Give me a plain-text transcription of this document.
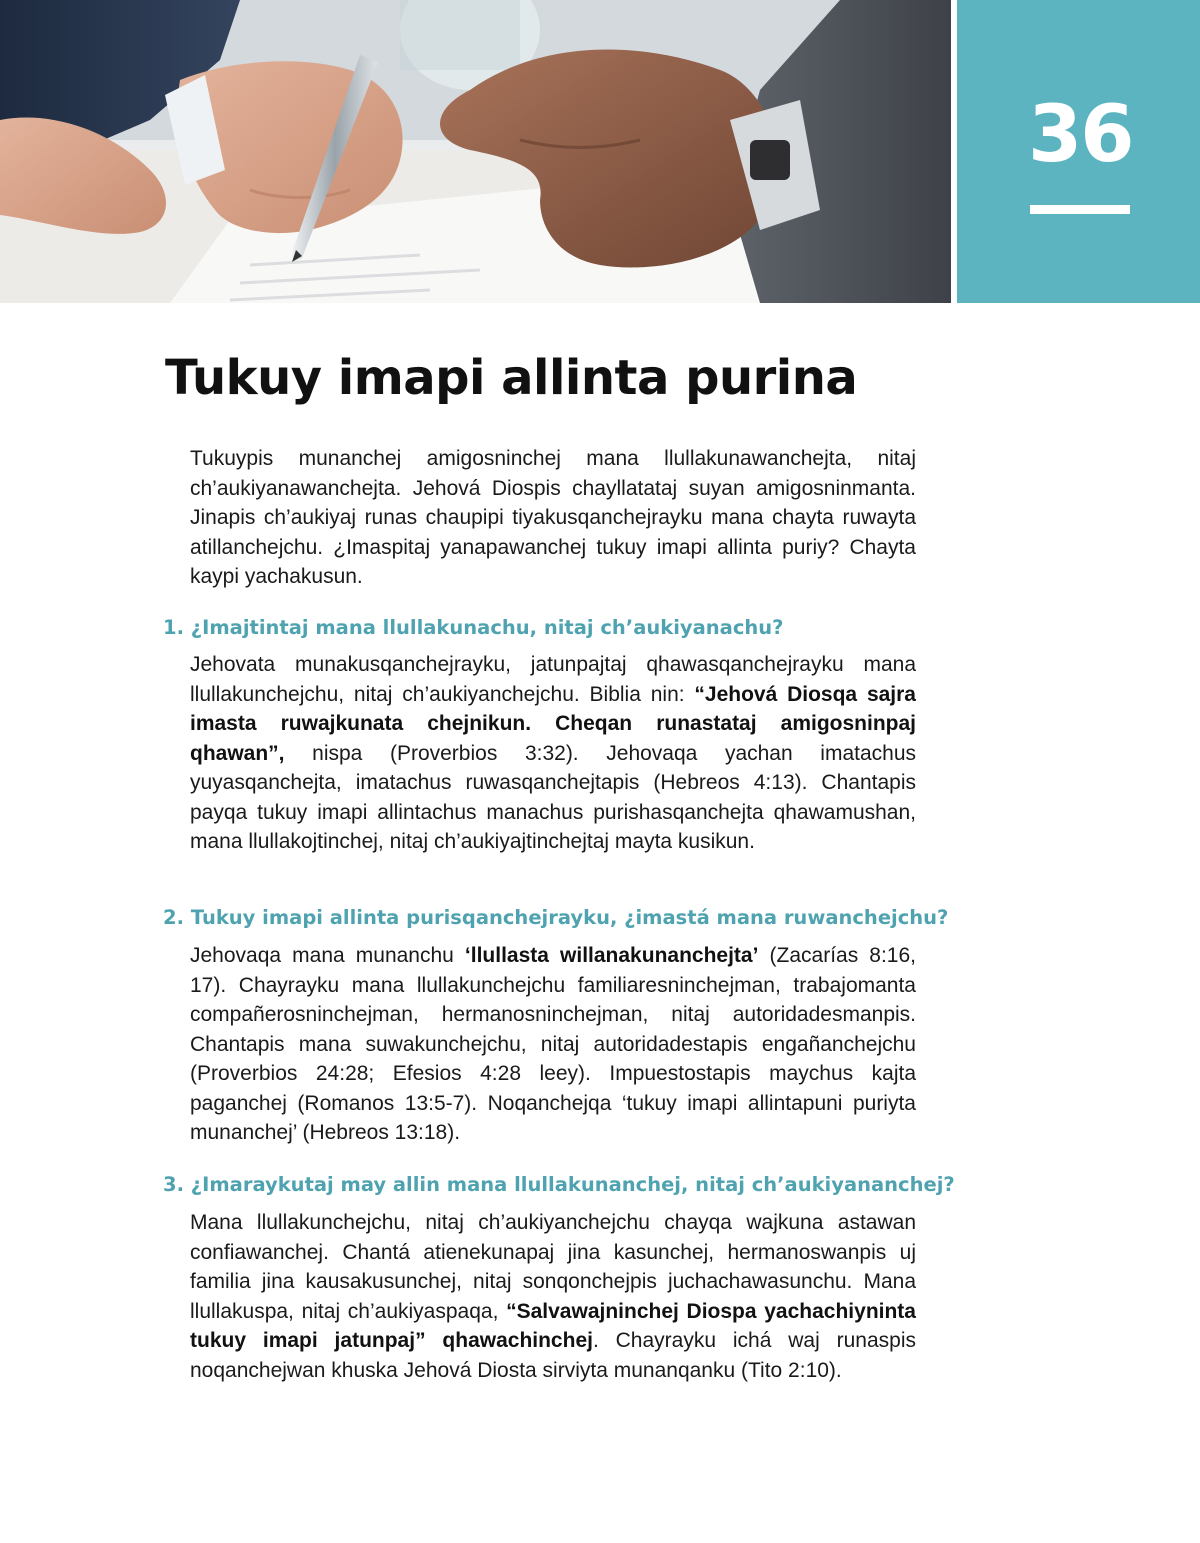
36
Tukuy imapi allinta purina

Tukuypis munanchej amigosninchej mana llullakunawanchejta, nitaj ch’aukiyanawanchejta. Jehová Diospis chayllatataj suyan amigosninmanta. Jinapis ch’aukiyaj runas chaupipi tiyakusqanchejrayku mana chayta ruwayta atillanchejchu. ¿Imaspitaj yanapawanchej tukuy imapi allinta puriy? Chayta kaypi yachakusun.

1. ¿Imajtintaj mana llullakunachu, nitaj ch’aukiyanachu?

Jehovata munakusqanchejrayku, jatunpajtaj qhawasqanchejrayku mana llullakunchejchu, nitaj ch’aukiyanchejchu. Biblia nin: “Jehová Diosqa sajra imasta ruwajkunata chejnikun. Cheqan runastataj amigosninpaj qhawan”, nispa (Proverbios 3:32). Jehovaqa yachan imatachus yuyasqanchejta, imatachus ruwasqanchejtapis (Hebreos 4:13). Chantapis payqa tukuy imapi allintachus manachus purishasqanchejta qhawamushan, mana llullakojtinchej, nitaj ch’aukiyajtinchejtaj mayta kusikun.

2. Tukuy imapi allinta purisqanchejrayku, ¿imastá mana ruwanchejchu?

Jehovaqa mana munanchu ‘llullasta willanakunanchejta’ (Zacarías 8:16, 17). Chayrayku mana llullakunchejchu familiaresninchejman, trabajomanta compañerosninchejman, hermanosninchejman, nitaj autoridadesmanpis. Chantapis mana suwakunchejchu, nitaj autoridadestapis engañanchejchu (Proverbios 24:28; Efesios 4:28 leey). Impuestostapis maychus kajta paganchej (Romanos 13:5-7). Noqanchejqa ‘tukuy imapi allintapuni puriyta munanchej’ (Hebreos 13:18).

3. ¿Imaraykutaj may allin mana llullakunanchej, nitaj ch’aukiyananchej?

Mana llullakunchejchu, nitaj ch’aukiyanchejchu chayqa wajkuna astawan confiawanchej. Chantá atienekunapaj jina kasunchej, hermanoswanpis uj familia jina kausakusunchej, nitaj sonqonchejpis juchachawasunchu. Mana llullakuspa, nitaj ch’aukiyaspaqa, “Salvawajninchej Diospa yachachiyninta tukuy imapi jatunpaj” qhawachinchej. Chayrayku ichá waj runaspis noqanchejwan khuska Jehová Diosta sirviyta munanqanku (Tito 2:10).
